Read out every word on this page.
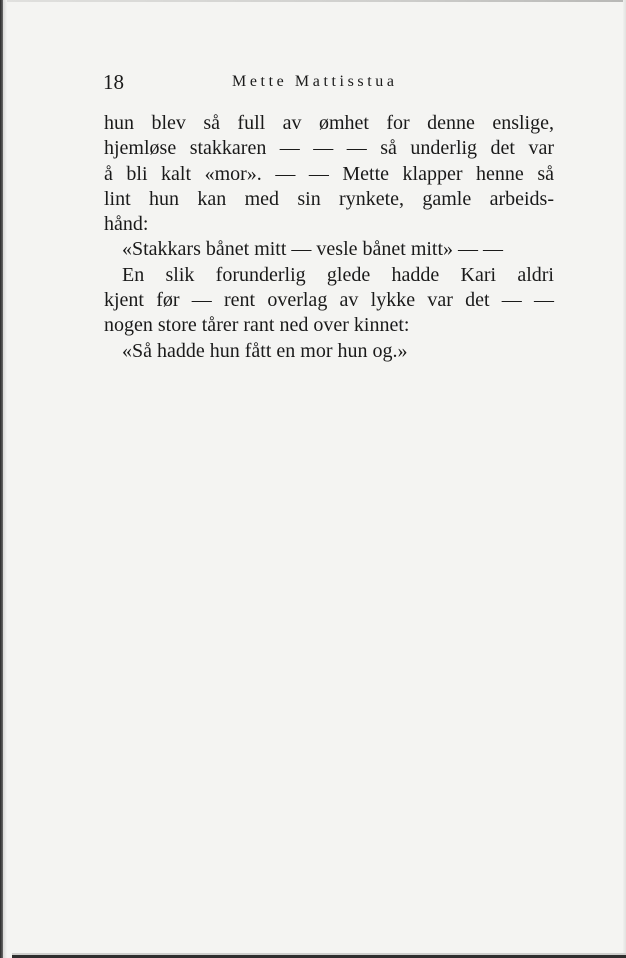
18	Mette Mattisstua
hun blev så full av ømhet for denne enslige,
hjemløse stakkaren — — — så underlig det var
å bli kalt «mor». — — Mette klapper henne så
lint hun kan med sin rynkete, gamle arbeids-
hånd:
«Stakkars bånet mitt — vesle bånet mitt» — —
En slik forunderlig glede hadde Kari aldri
kjent før — rent overlag av lykke var det — —
nogen store tårer rant ned over kinnet:
«Så hadde hun fått en mor hun og.»
